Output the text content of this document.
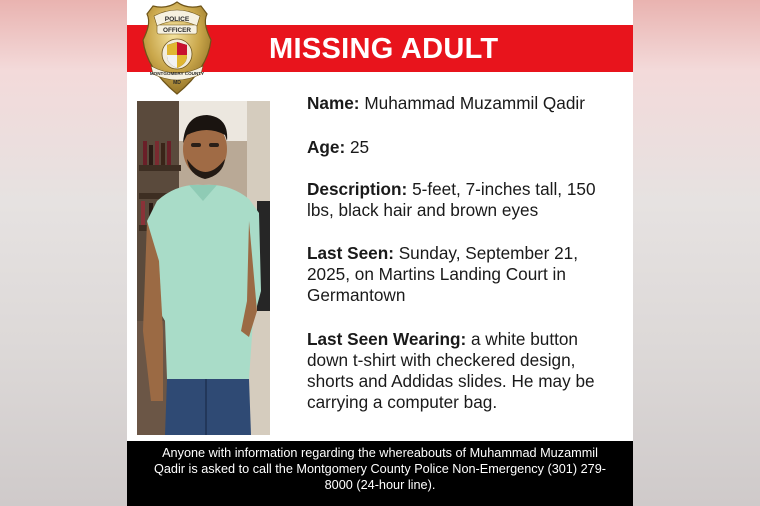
MISSING ADULT
POLICE
OFFICER
MONTGOMERY COUNTY
MD

Name: Muhammad Muzammil Qadir

Age: 25

Description: 5-feet, 7-inches tall, 150 lbs, black hair and brown eyes

Last Seen: Sunday, September 21, 2025, on Martins Landing Court in Germantown

Last Seen Wearing: a white button down t-shirt with checkered design, shorts and Addidas slides. He may be carrying a computer bag.

Anyone with information regarding the whereabouts of Muhammad Muzammil Qadir is asked to call the Montgomery County Police Non-Emergency (301) 279-8000 (24-hour line).
